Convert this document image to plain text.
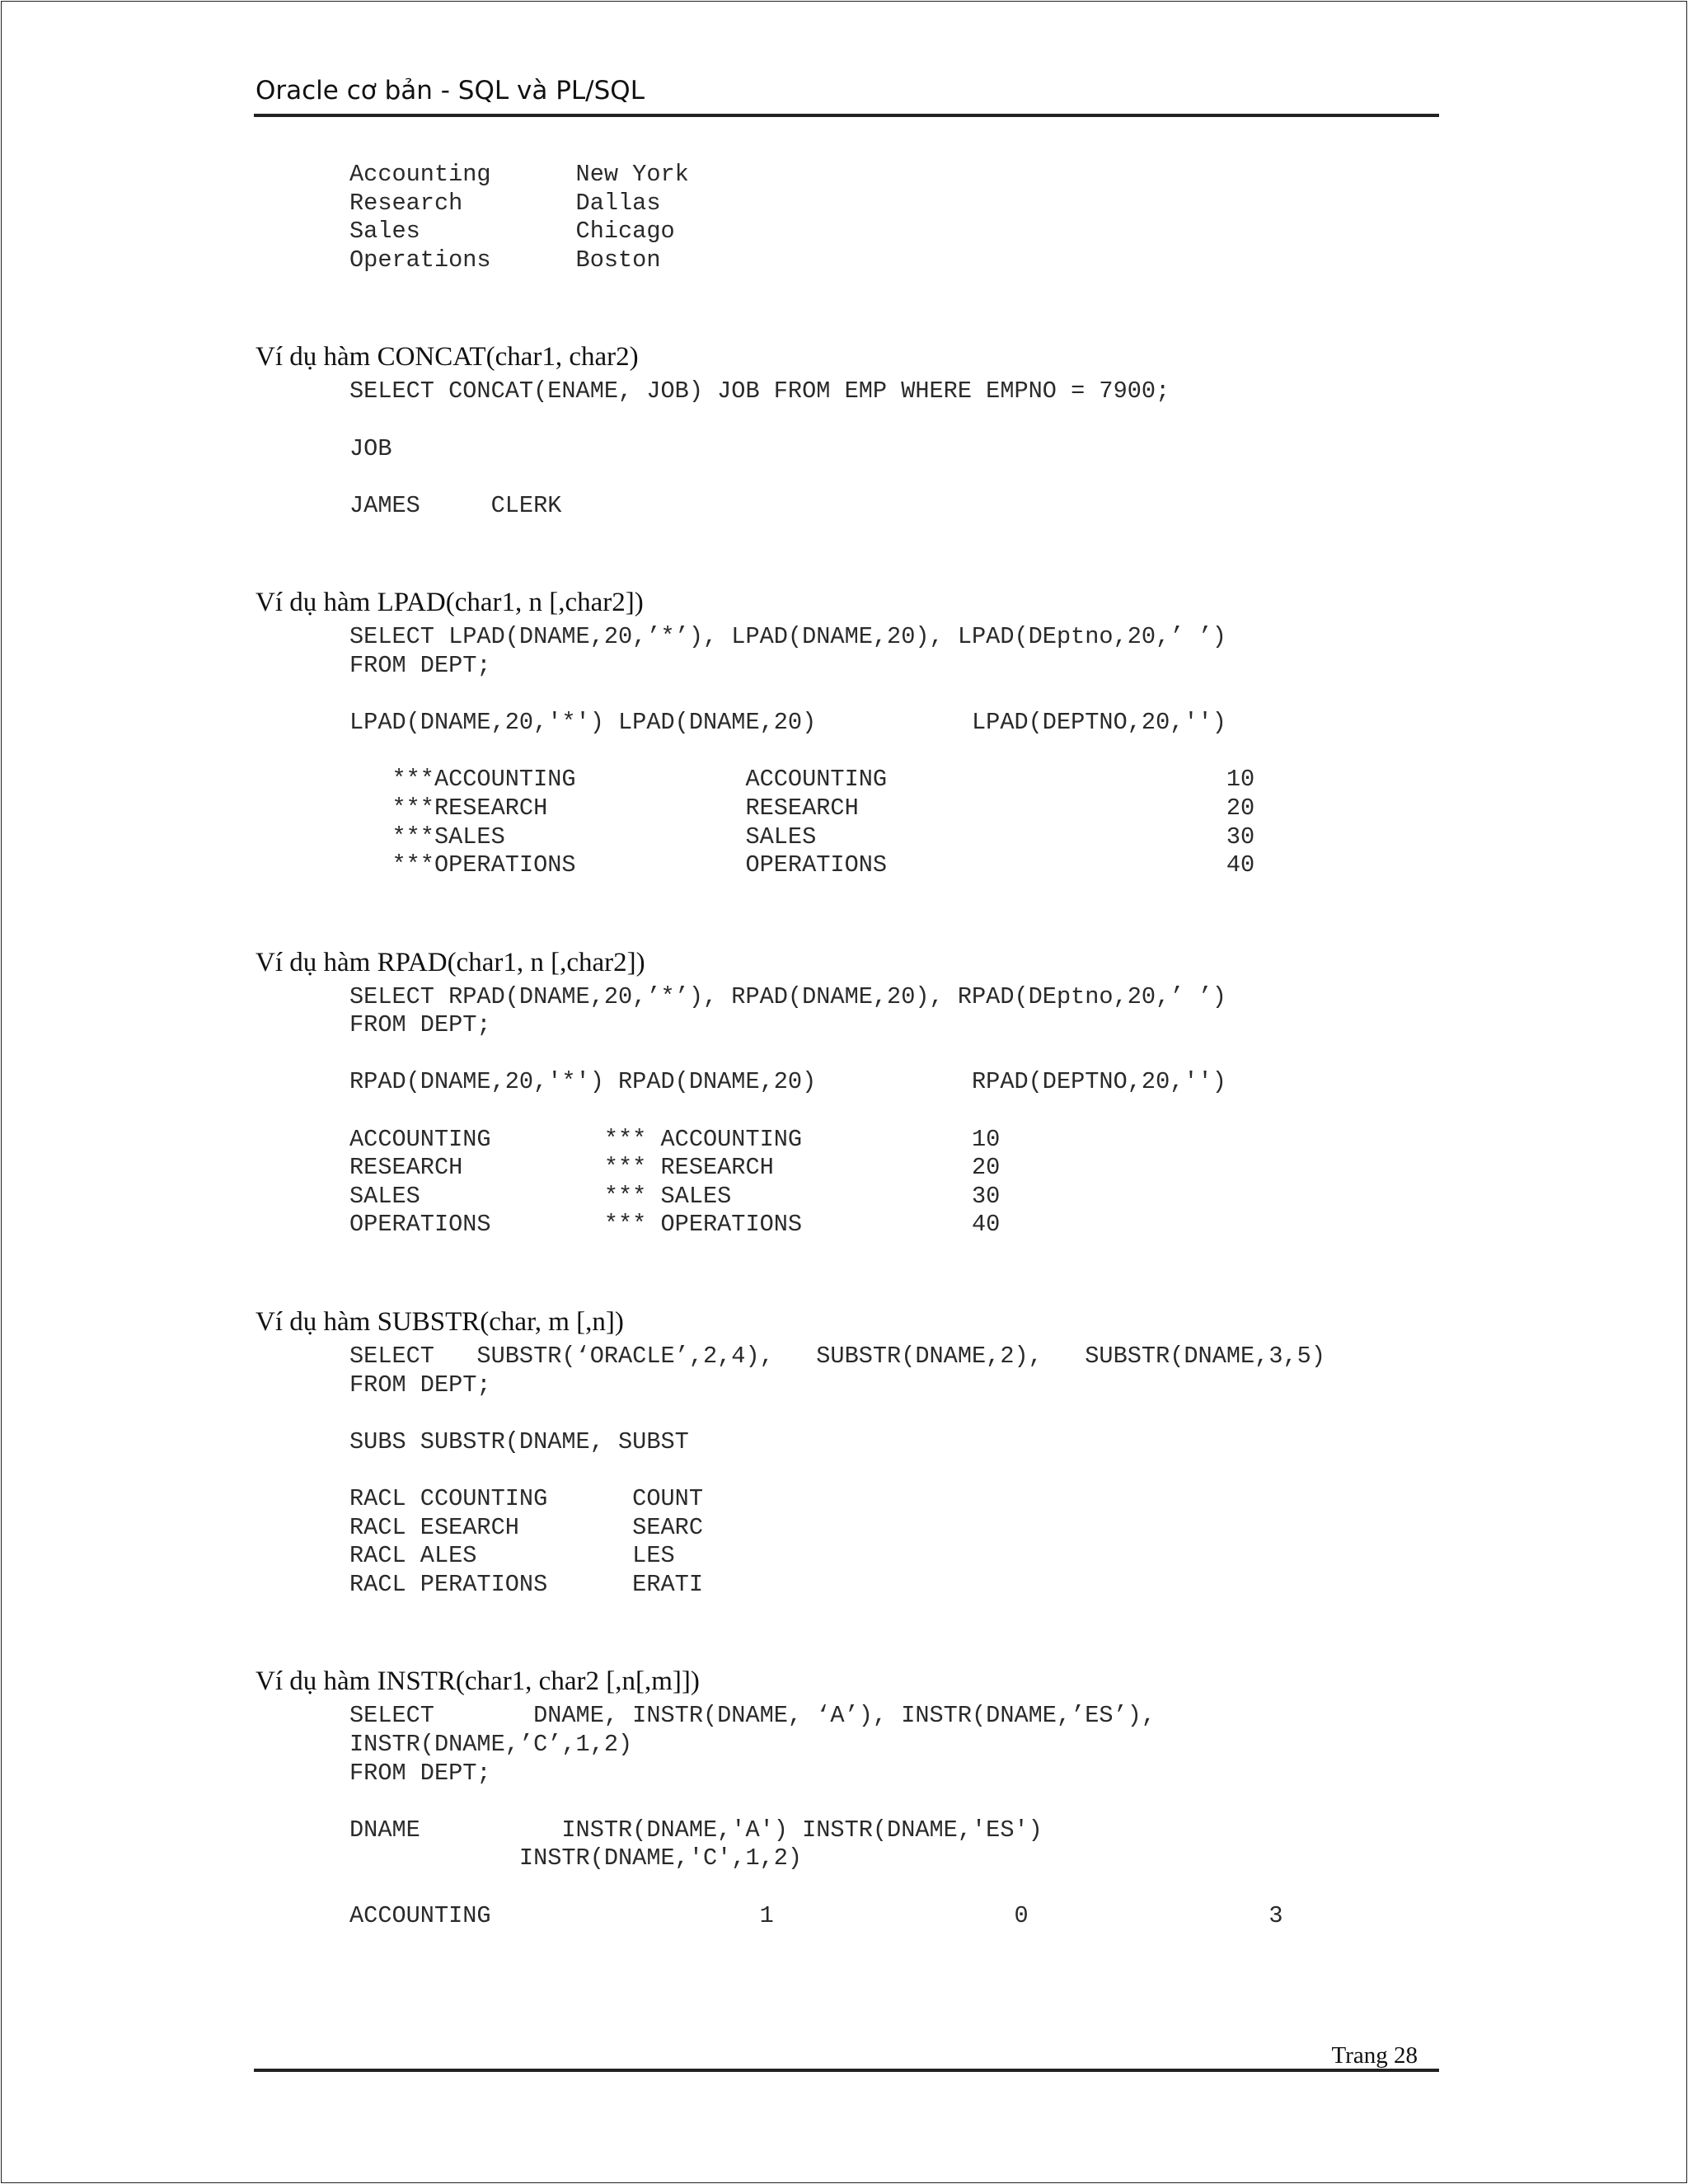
Oracle cơ bản - SQL và PL/SQL
Accounting      New York
Research        Dallas
Sales           Chicago
Operations      Boston
Ví dụ hàm CONCAT(char1, char2)
SELECT CONCAT(ENAME, JOB) JOB FROM EMP WHERE EMPNO = 7900;
JOB
JAMES     CLERK
Ví dụ hàm LPAD(char1, n [,char2])
SELECT LPAD(DNAME,20,’*’), LPAD(DNAME,20), LPAD(DEptno,20,’ ’)
FROM DEPT;
LPAD(DNAME,20,'*') LPAD(DNAME,20)           LPAD(DEPTNO,20,'')
***ACCOUNTING            ACCOUNTING                        10
***RESEARCH              RESEARCH                          20
***SALES                 SALES                             30
***OPERATIONS            OPERATIONS                        40
Ví dụ hàm RPAD(char1, n [,char2])
SELECT RPAD(DNAME,20,’*’), RPAD(DNAME,20), RPAD(DEptno,20,’ ’)
FROM DEPT;
RPAD(DNAME,20,'*') RPAD(DNAME,20)           RPAD(DEPTNO,20,'')
ACCOUNTING        *** ACCOUNTING            10
RESEARCH          *** RESEARCH              20
SALES             *** SALES                 30
OPERATIONS        *** OPERATIONS            40
Ví dụ hàm SUBSTR(char, m [,n])
SELECT   SUBSTR(‘ORACLE’,2,4),   SUBSTR(DNAME,2),   SUBSTR(DNAME,3,5)
FROM DEPT;
SUBS SUBSTR(DNAME, SUBST
RACL CCOUNTING      COUNT
RACL ESEARCH        SEARC
RACL ALES           LES
RACL PERATIONS      ERATI
Ví dụ hàm INSTR(char1, char2 [,n[,m]])
SELECT       DNAME, INSTR(DNAME, ‘A’), INSTR(DNAME,’ES’),
INSTR(DNAME,’C’,1,2)
FROM DEPT;
DNAME          INSTR(DNAME,'A') INSTR(DNAME,'ES')
INSTR(DNAME,'C',1,2)
ACCOUNTING                   1                 0                 3
Trang 28
